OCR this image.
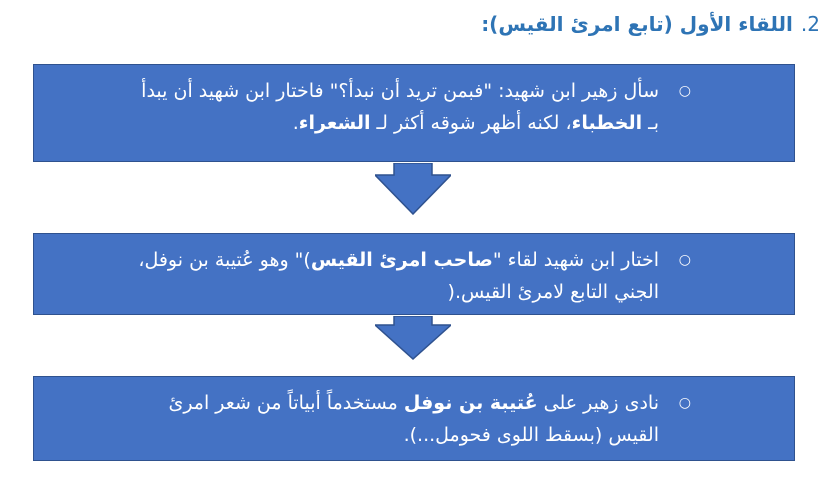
2.
اللقاء الأول (تابع امرئ القيس):
○
سأل زهير ابن شهيد: "فبمن تريد أن نبدأ؟" فاختار ابن شهيد أن يبدأ
بـ الخطباء، لكنه أظهر شوقه أكثر لـ الشعراء.
○
اختار ابن شهيد لقاء "صاحب امرئ القيس)" وهو عُتيبة بن نوفل،
الجني التابع لامرئ القيس.(
○
نادى زهير على عُتيبة بن نوفل مستخدماً أبياتاً من شعر امرئ
القيس (بسقط اللوى فحومل...).
